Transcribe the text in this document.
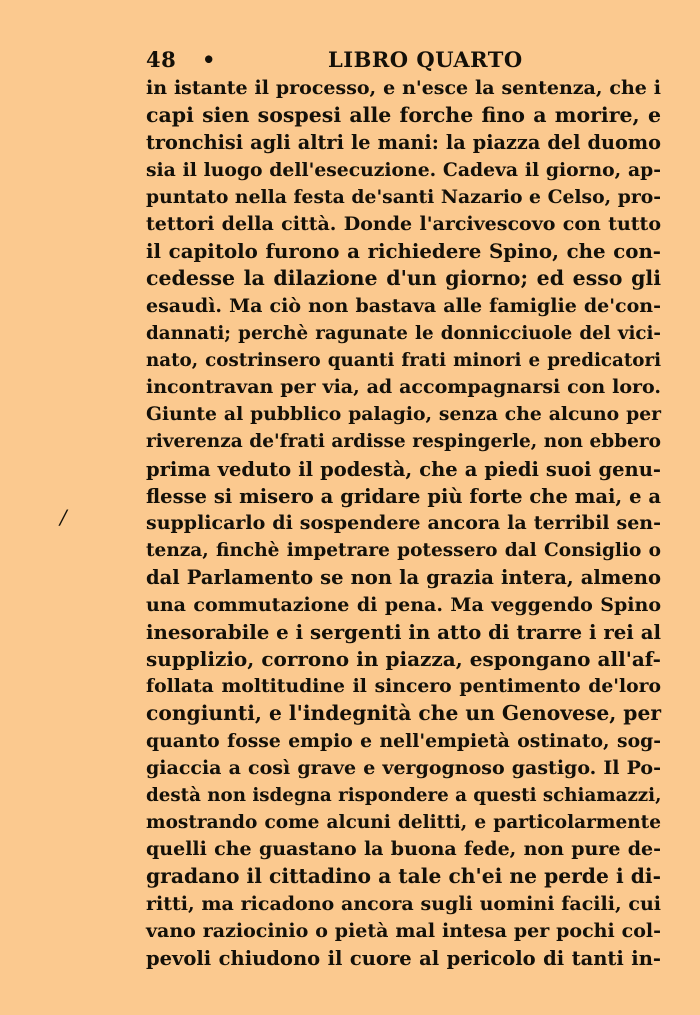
48 •	LIBRO QUARTO
/
in istante il processo, e n'esce la sentenza, che i
capi sien sospesi alle forche fino a morire, e
tronchisi agli altri le mani: la piazza del duomo
sia il luogo dell'esecuzione. Cadeva il giorno, ap-
puntato nella festa de'santi Nazario e Celso, pro-
tettori della città. Donde l'arcivescovo con tutto
il capitolo furono a richiedere Spino, che con-
cedesse la dilazione d'un giorno; ed esso gli
esaudì. Ma ciò non bastava alle famiglie de'con-
dannati; perchè ragunate le donnicciuole del vici-
nato, costrinsero quanti frati minori e predicatori
incontravan per via, ad accompagnarsi con loro.
Giunte al pubblico palagio, senza che alcuno per
riverenza de'frati ardisse respingerle, non ebbero
prima veduto il podestà, che a piedi suoi genu-
flesse si misero a gridare più forte che mai, e a
supplicarlo di sospendere ancora la terribil sen-
tenza, finchè impetrare potessero dal Consiglio o
dal Parlamento se non la grazia intera, almeno
una commutazione di pena. Ma veggendo Spino
inesorabile e i sergenti in atto di trarre i rei al
supplizio, corrono in piazza, espongano all'af-
follata moltitudine il sincero pentimento de'loro
congiunti, e l'indegnità che un Genovese, per
quanto fosse empio e nell'empietà ostinato, sog-
giaccia a così grave e vergognoso gastigo. Il Po-
destà non isdegna rispondere a questi schiamazzi,
mostrando come alcuni delitti, e particolarmente
quelli che guastano la buona fede, non pure de-
gradano il cittadino a tale ch'ei ne perde i di-
ritti, ma ricadono ancora sugli uomini facili, cui
vano raziocinio o pietà mal intesa per pochi col-
pevoli chiudono il cuore al pericolo di tanti in-
